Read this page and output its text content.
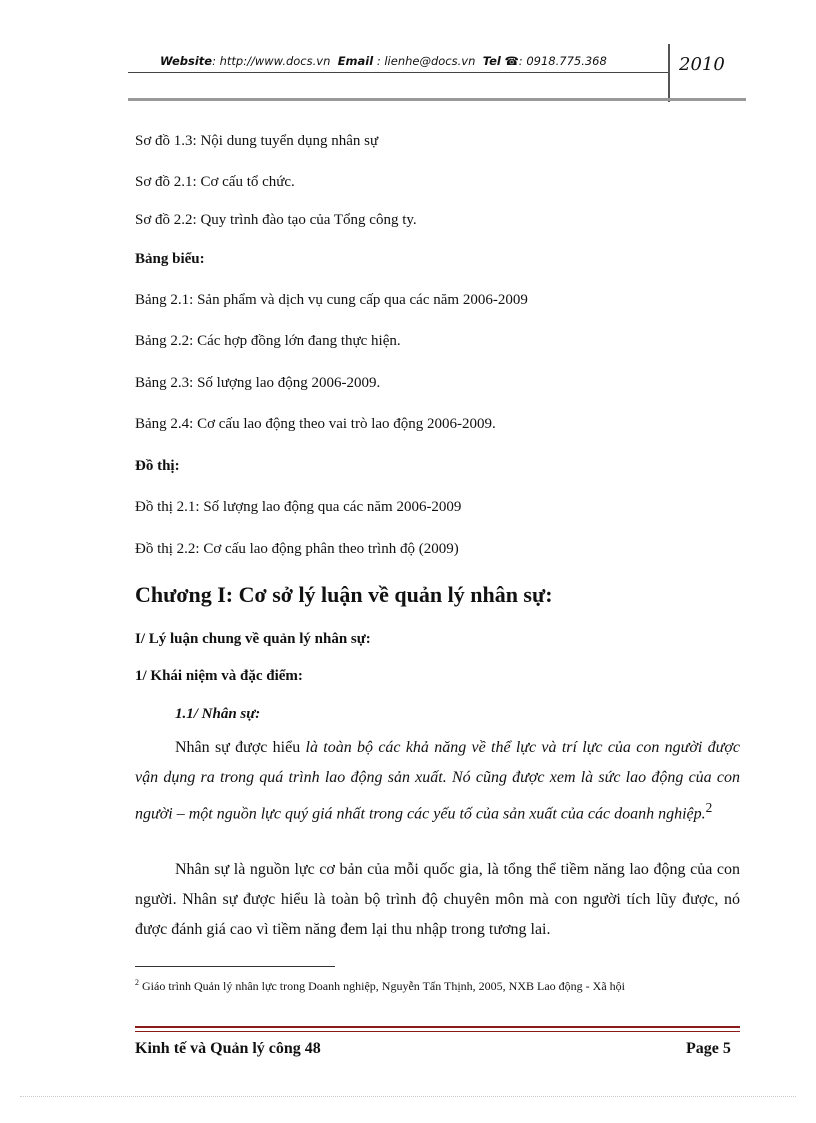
Website: http://www.docs.vn Email : lienhe@docs.vn Tel ☎: 0918.775.368	2010
Sơ đồ 1.3: Nội dung tuyển dụng nhân sự
Sơ đồ 2.1: Cơ cấu tổ chức.
Sơ đồ 2.2: Quy trình đào tạo của Tổng công ty.
Bảng biểu:
Bảng 2.1: Sản phẩm và dịch vụ cung cấp qua các năm 2006-2009
Bảng 2.2: Các hợp đồng lớn đang thực hiện.
Bảng 2.3: Số lượng lao động 2006-2009.
Bảng 2.4: Cơ cấu lao động theo vai trò lao động 2006-2009.
Đồ thị:
Đồ thị 2.1: Số lượng lao động qua các năm 2006-2009
Đồ thị 2.2: Cơ cấu lao động phân theo trình độ (2009)
Chương I: Cơ sở lý luận về quản lý nhân sự:
I/ Lý luận chung về quản lý nhân sự:
1/ Khái niệm và đặc điểm:
1.1/ Nhân sự:
Nhân sự được hiểu là toàn bộ các khả năng về thể lực và trí lực của con người được vận dụng ra trong quá trình lao động sản xuất. Nó cũng được xem là sức lao động của con người – một nguồn lực quý giá nhất trong các yếu tố của sản xuất của các doanh nghiệp.$^2$
Nhân sự là nguồn lực cơ bản của mỗi quốc gia, là tổng thể tiềm năng lao động của con người. Nhân sự được hiểu là toàn bộ trình độ chuyên môn mà con người tích lũy được, nó được đánh giá cao vì tiềm năng đem lại thu nhập trong tương lai.
$^2$ Giáo trình Quản lý nhân lực trong Doanh nghiệp, Nguyễn Tấn Thịnh, 2005, NXB Lao động - Xã hội
Kinh tế và Quản lý công 48	Page 5
